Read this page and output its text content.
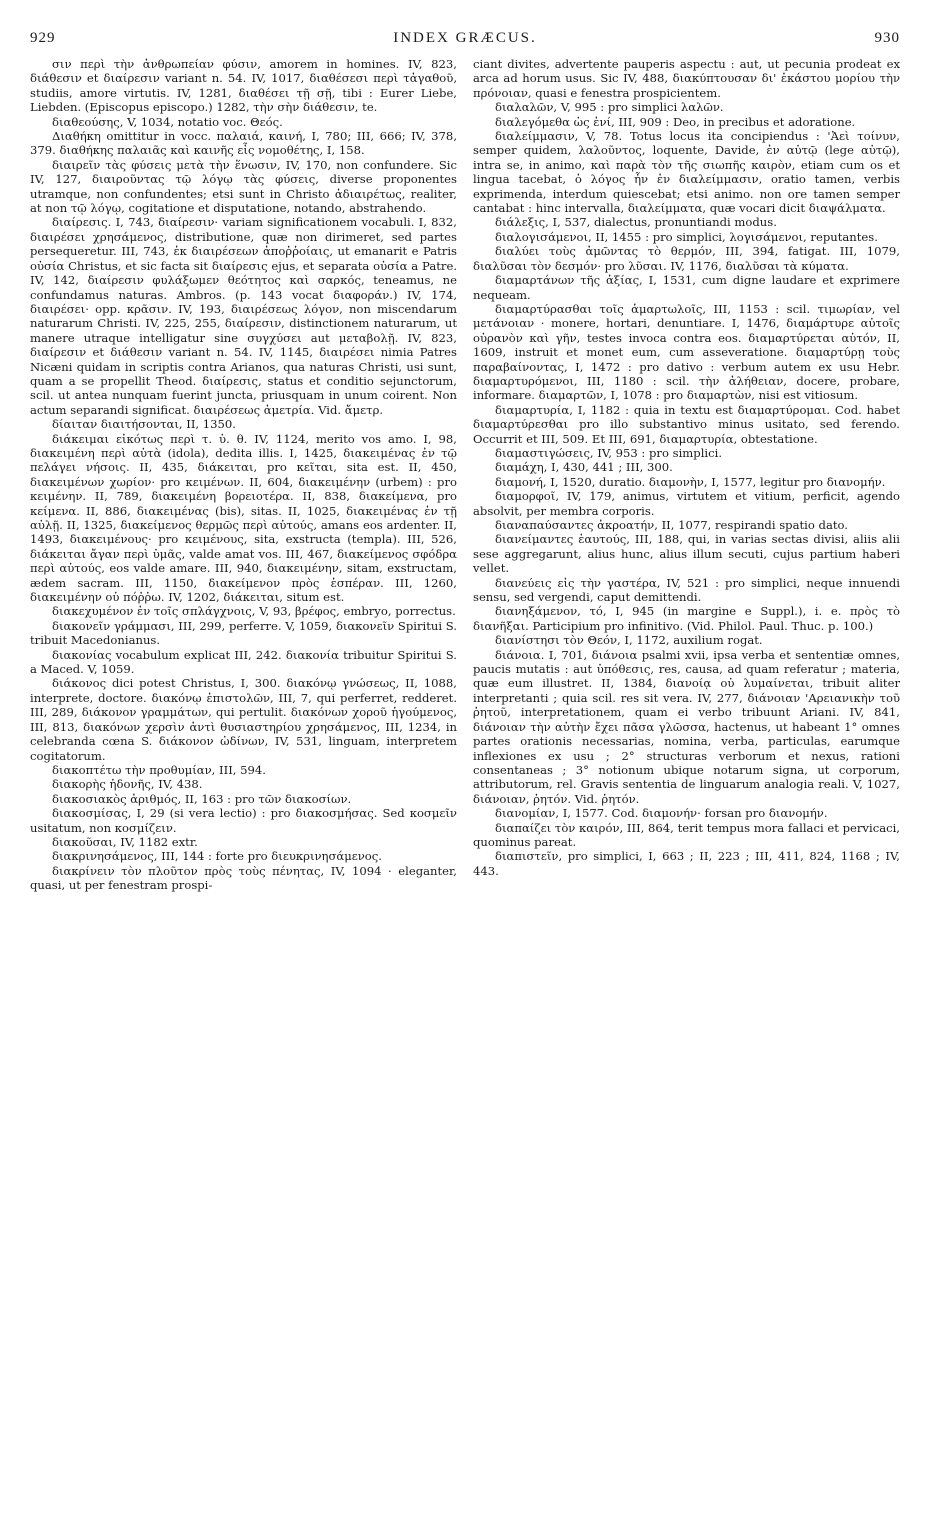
929	INDEX GRÆCUS.	930

σιν περὶ τὴν ἀνθρωπείαν φύσιν, amorem in homines. IV, 823, διάθεσιν et διαίρεσιν variant n. 54. IV, 1017, διαθέσεσι περὶ τἀγαθοῦ, studiis, amore virtutis. IV, 1281, διαθέσει τῇ σῇ, tibi : Eurer Liebe, Liebden. (Episcopus episcopo.) 1282, τὴν σὴν διάθεσιν, te.

διαθεούσης, V, 1034, notatio voc. Θεός.

Διαθήκη omittitur in vocc. παλαιά, καινή, I, 780; III, 666; IV, 378, 379. διαθήκης παλαιᾶς καὶ καινῆς εἷς νομοθέτης, I, 158.

διαιρεῖν τὰς φύσεις μετὰ τὴν ἕνωσιν, IV, 170, non confundere. Sic IV, 127, διαιροῦντας τῷ λόγῳ τὰς φύσεις, diverse proponentes utramque, non confundentes; etsi sunt in Christo ἀδιαιρέτως, realiter, at non τῷ λόγῳ, cogitatione et disputatione, notando, abstrahendo.

διαίρεσις. I, 743, διαίρεσιν· variam significationem vocabuli. I, 832, διαιρέσει χρησάμενος, distributione, quæ non dirimeret, sed partes persequeretur. III, 743, ἐκ διαιρέσεων ἀποῤῥοίαις, ut emanarit e Patris οὐσία Christus, et sic facta sit διαίρεσις ejus, et separata οὐσία a Patre. IV, 142, διαίρεσιν φυλάξωμεν θεότητος καὶ σαρκός, teneamus, ne confundamus naturas. Ambros. (p. 143 vocat διαφοράν.) IV, 174, διαιρέσει· opp. κρᾶσιν. IV, 193, διαιρέσεως λόγον, non miscendarum naturarum Christi. IV, 225, 255, διαίρεσιν, distinctionem naturarum, ut manere utraque intelligatur sine συγχύσει aut μεταβολῇ. IV, 823, διαίρεσιν et διάθεσιν variant n. 54. IV, 1145, διαιρέσει nimia Patres Nicæni quidam in scriptis contra Arianos, qua naturas Christi, usi sunt, quam a se propellit Theod. διαίρεσις, status et conditio sejunctorum, scil. ut antea nunquam fuerint juncta, priusquam in unum coirent. Non actum separandi significat. διαιρέσεως ἀμετρία. Vid. ἄμετρ.

δίαιταν διαιτήσονται, II, 1350.

διάκειμαι εἰκότως περὶ τ. ὑ. θ. IV, 1124, merito vos amo. I, 98, διακειμένη περὶ αὐτὰ (idola), dedita illis. I, 1425, διακειμένας ἐν τῷ πελάγει νήσοις. II, 435, διάκειται, pro κεῖται, sita est. II, 450, διακειμένων χωρίον· pro κειμένων. II, 604, διακειμένην (urbem) : pro κειμένην. II, 789, διακειμένη βορειοτέρα. II, 838, διακείμενα, pro κείμενα. II, 886, διακειμένας (bis), sitas. II, 1025, διακειμένας ἐν τῇ αὐλῇ. II, 1325, διακείμενος θερμῶς περὶ αὐτούς, amans eos ardenter. II, 1493, διακειμένους· pro κειμένους, sita, exstructa (templa). III, 526, διάκειται ἄγαν περὶ ὑμᾶς, valde amat vos. III, 467, διακείμενος σφόδρα περὶ αὐτούς, eos valde amare. III, 940, διακειμένην, sitam, exstructam, ædem sacram. III, 1150, διακείμενον πρὸς ἑσπέραν. III, 1260, διακειμένην οὐ πόῤῥω. IV, 1202, διάκειται, situm est.

διακεχυμένον ἐν τοῖς σπλάγχνοις, V, 93, βρέφος, embryo, porrectus.

διακονεῖν γράμμασι, III, 299, perferre. V, 1059, διακονεῖν Spiritui S. tribuit Macedonianus.

διακονίας vocabulum explicat III, 242. διακονία tribuitur Spiritui S. a Maced. V, 1059.

διάκονος dici potest Christus, I, 300. διακόνῳ γνώσεως, II, 1088, interprete, doctore. διακόνῳ ἐπιστολῶν, III, 7, qui perferret, redderet. III, 289, διάκονον γραμμάτων, qui pertulit. διακόνων χοροῦ ἡγούμενος, III, 813, διακόνων χερσὶν ἀντὶ θυσιαστηρίου χρησάμενος, III, 1234, in celebranda cœna S. διάκονον ὠδίνων, IV, 531, linguam, interpretem cogitatorum.

διακοπτέτω τὴν προθυμίαν, III, 594.

διακορὴς ἡδονῆς, IV, 438.

διακοσιακὸς ἀριθμός, II, 163 : pro τῶν διακοσίων.

διακοσμίσας, I, 29 (si vera lectio) : pro διακοσμήσας. Sed κοσμεῖν usitatum, non κοσμίζειν.

διακοῦσαι, IV, 1182 extr.

διακρινησάμενος, III, 144 : forte pro διευκρινησάμενος.

διακρίνειν τὸν πλοῦτον πρὸς τοὺς πένητας, IV, 1094 · eleganter, quasi, ut per fenestram prospi-

ciant divites, advertente pauperis aspectu : aut, ut pecunia prodeat ex arca ad horum usus. Sic IV, 488, διακύπτουσαν δι' ἑκάστου μορίου τὴν πρόνοιαν, quasi e fenestra prospicientem.

διαλαλῶν, V, 995 : pro simplici λαλῶν.

διαλεγόμεθα ὡς ἑνί, III, 909 : Deo, in precibus et adoratione.

διαλείμμασιν, V, 78. Totus locus ita concipiendus : 'Ἀεὶ τοίνυν, semper quidem, λαλοῦντος, loquente, Davide, ἐν αὐτῷ (lege αὑτῷ), intra se, in animo, καὶ παρὰ τὸν τῆς σιωπῆς καιρὸν, etiam cum os et lingua tacebat, ὁ λόγος ἦν ἐν διαλείμμασιν, oratio tamen, verbis exprimenda, interdum quiescebat; etsi animo. non ore tamen semper cantabat : hinc intervalla, διαλείμματα, quæ vocari dicit διαψάλματα.

διάλεξις, I, 537, dialectus, pronuntiandi modus.

διαλογισάμενοι, II, 1455 : pro simplici, λογισάμενοι, reputantes.

διαλύει τοὺς ἀμῶντας τὸ θερμόν, III, 394, fatigat. III, 1079, διαλῦσαι τὸν δεσμόν· pro λῦσαι. IV, 1176, διαλῦσαι τὰ κύματα.

διαμαρτάνων τῆς ἀξίας, I, 1531, cum digne laudare et exprimere nequeam.

διαμαρτύρασθαι τοῖς ἁμαρτωλοῖς, III, 1153 : scil. τιμωρίαν, vel μετάνοιαν · monere, hortari, denuntiare. I, 1476, διαμάρτυρε αὐτοῖς οὐρανὸν καὶ γῆν, testes invoca contra eos. διαμαρτύρεται αὐτόν, II, 1609, instruit et monet eum, cum asseveratione. διαμαρτύρῃ τοὺς παραβαίνοντας, I, 1472 : pro dativo : verbum autem ex usu Hebr. διαμαρτυρόμενοι, III, 1180 : scil. τὴν ἀλήθειαν, docere, probare, informare. διαμαρτῶν, I, 1078 : pro διαμαρτὼν, nisi est vitiosum.

διαμαρτυρία, I, 1182 : quia in textu est διαμαρτύρομαι. Cod. habet διαμαρτύρεσθαι pro illo substantivo minus usitato, sed ferendo. Occurrit et III, 509. Et III, 691, διαμαρτυρία, obtestatione.

διαμαστιγώσεις, IV, 953 : pro simplici.

διαμάχη, I, 430, 441 ; III, 300.

διαμονή, I, 1520, duratio. διαμονὴν, I, 1577, legitur pro διανομήν.

διαμορφοῖ, IV, 179, animus, virtutem et vitium, perficit, agendo absolvit, per membra corporis.

διαναπαύσαντες ἀκροατήν, II, 1077, respirandi spatio dato.

διανείμαντες ἑαυτούς, III, 188, qui, in varias sectas divisi, aliis alii sese aggregarunt, alius hunc, alius illum secuti, cujus partium haberi vellet.

διανεύεις εἰς τὴν γαστέρα, IV, 521 : pro simplici, neque innuendi sensu, sed vergendi, caput demittendi.

διανηξάμενον, τό, I, 945 (in margine e Suppl.), i. e. πρὸς τὸ διανῆξαι. Participium pro infinitivo. (Vid. Philol. Paul. Thuc. p. 100.)

διανίστησι τὸν Θεόν, I, 1172, auxilium rogat.

διάνοια. I, 701, διάνοια psalmi xvii, ipsa verba et sententiæ omnes, paucis mutatis : aut ὑπόθεσις, res, causa, ad quam referatur ; materia, quæ eum illustret. II, 1384, διανοίᾳ οὐ λυμαίνεται, tribuit aliter interpretanti ; quia scil. res sit vera. IV, 277, διάνοιαν 'Αρειανικὴν τοῦ ῥητοῦ, interpretationem, quam ei verbo tribuunt Ariani. IV, 841, διάνοιαν τὴν αὐτὴν ἔχει πᾶσα γλῶσσα, hactenus, ut habeant 1° omnes partes orationis necessarias, nomina, verba, particulas, earumque inflexiones ex usu ; 2° structuras verborum et nexus, rationi consentaneas ; 3° notionum ubique notarum signa, ut corporum, attributorum, rel. Gravis sententia de linguarum analogia reali. V, 1027, διάνοιαν, ῥητόν. Vid. ῥητόν.

διανομίαν, I, 1577. Cod. διαμονήν· forsan pro διανομήν.

διαπαίζει τὸν καιρόν, III, 864, terit tempus mora fallaci et pervicaci, quominus pareat.

διαπιστεῖν, pro simplici, I, 663 ; II, 223 ; III, 411, 824, 1168 ; IV, 443.
